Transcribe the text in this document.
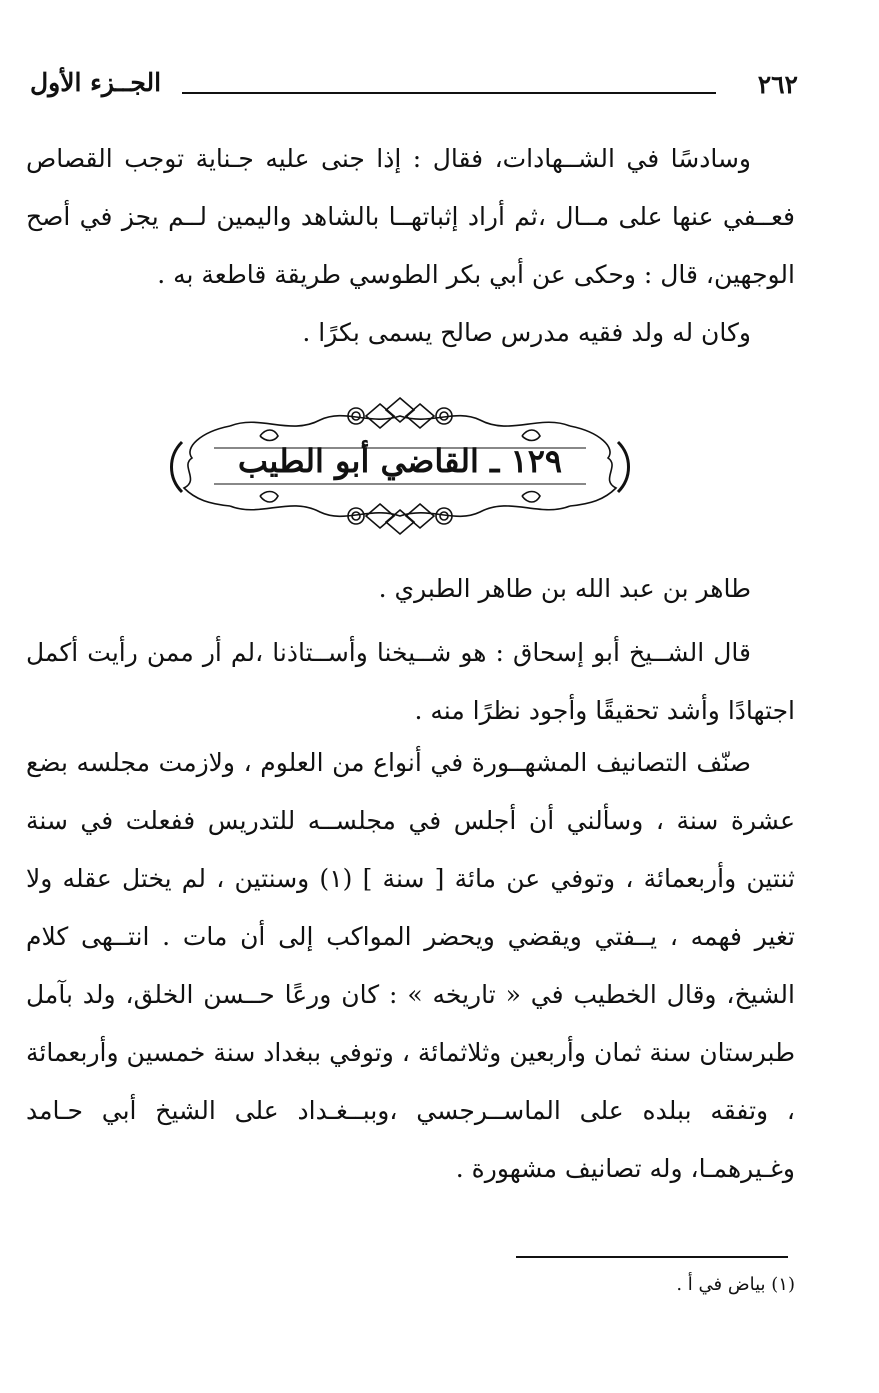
٢٦٢
الجــزء الأول

وسادسًا في الشــهادات، فقال : إذا جنى عليه جـناية توجب القصاص فعــفي عنها على مــال ،ثم أراد إثباتهــا بالشاهد واليمين لــم يجز في أصح الوجهين، قال : وحكى عن أبي بكر الطوسي طريقة قاطعة به .

وكان له ولد فقيه مدرس صالح يسمى بكرًا .

١٢٩ ـ القاضي أبو الطيب

طاهر بن عبد الله بن طاهر الطبري .

قال الشــيخ أبو إسحاق : هو شــيخنا وأســتاذنا ،لم أر ممن رأيت أكمل اجتهادًا وأشد تحقيقًا وأجود نظرًا منه .

صنّف التصانيف المشهــورة في أنواع من العلوم ، ولازمت مجلسه بضع عشرة سنة ، وسألني أن أجلس في مجلســه للتدريس ففعلت في سنة ثنتين وأربعمائة ، وتوفي عن مائة [ سنة ] (١) وسنتين ، لم يختل عقله ولا تغير فهمه ، يــفتي ويقضي ويحضر المواكب إلى أن مات . انتــهى كلام الشيخ، وقال الخطيب في « تاريخه » : كان ورعًا حــسن الخلق، ولد بآمل طبرستان سنة ثمان وأربعين وثلاثمائة ، وتوفي ببغداد سنة خمسين وأربعمائة ، وتفقه ببلده على الماســرجسي ،وببــغـداد على الشيخ أبي حـامد وغـيرهمـا، وله تصانيف مشهورة .

(١) بياض في أ .
